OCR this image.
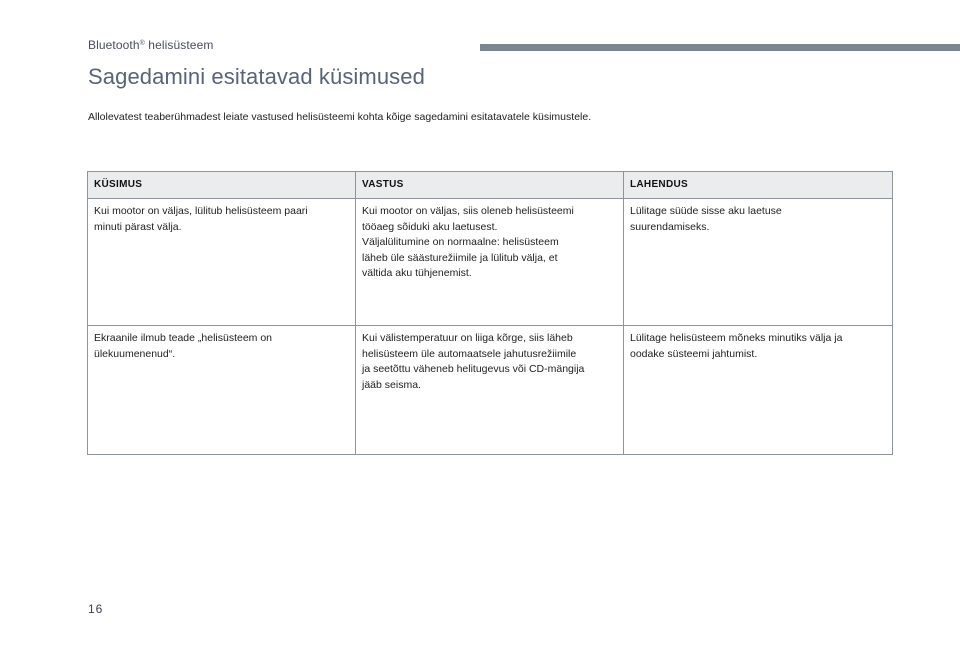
Bluetooth® helisüsteem
Sagedamini esitatavad küsimused

Allolevatest teaberühmadest leiate vastused helisüsteemi kohta kõige sagedamini esitatavatele küsimustele.

KÜSIMUS	VASTUS	LAHENDUS

Kui mootor on väljas, lülitub helisüsteem paari
minuti pärast välja.	Kui mootor on väljas, siis oleneb helisüsteemi
tööaeg sõiduki aku laetusest.
Väljalülitumine on normaalne: helisüsteem
läheb üle säästurežiimile ja lülitub välja, et
vältida aku tühjenemist.	Lülitage süüde sisse aku laetuse
suurendamiseks.

Ekraanile ilmub teade „helisüsteem on
ülekuumenenud“.	Kui välistemperatuur on liiga kõrge, siis läheb
helisüsteem üle automaatsele jahutusrežiimile
ja seetõttu väheneb helitugevus või CD-mängija
jääb seisma.	Lülitage helisüsteem mõneks minutiks välja ja
oodake süsteemi jahtumist.
16
